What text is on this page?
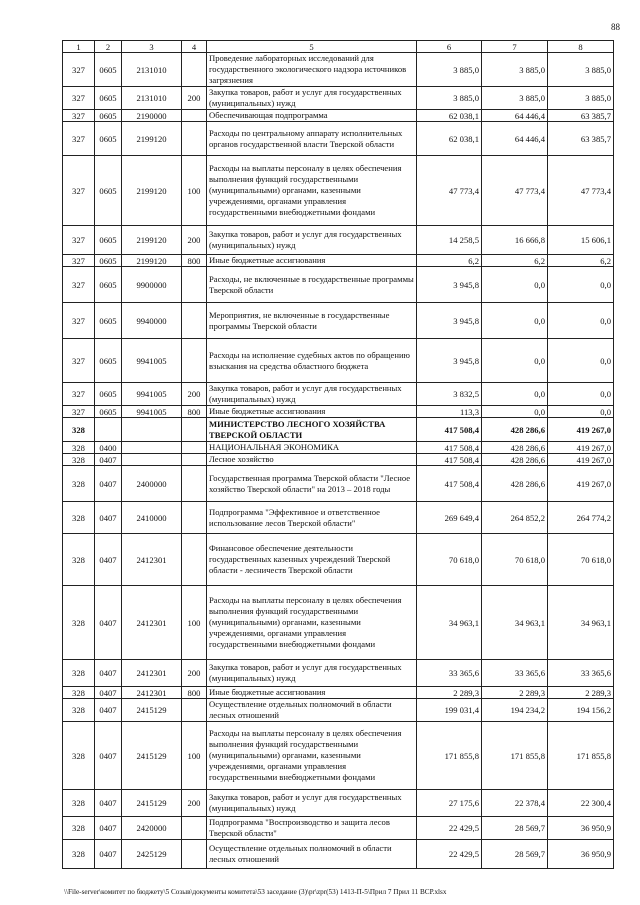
88
1	2	3	4	5	6	7	8
327	0605	2131010		Проведение лабораторных исследований для государственного экологического надзора источников загрязнения	3 885,0	3 885,0	3 885,0
327	0605	2131010	200	Закупка товаров, работ и услуг для государственных (муниципальных) нужд	3 885,0	3 885,0	3 885,0
327	0605	2190000		Обеспечивающая подпрограмма	62 038,1	64 446,4	63 385,7
327	0605	2199120		Расходы по центральному аппарату исполнительных органов государственной власти Тверской области	62 038,1	64 446,4	63 385,7
327	0605	2199120	100	Расходы на выплаты персоналу в целях обеспечения выполнения функций государственными (муниципальными) органами, казенными учреждениями, органами управления государственными внебюджетными фондами	47 773,4	47 773,4	47 773,4
327	0605	2199120	200	Закупка товаров, работ и услуг для государственных (муниципальных) нужд	14 258,5	16 666,8	15 606,1
327	0605	2199120	800	Иные бюджетные ассигнования	6,2	6,2	6,2
327	0605	9900000		Расходы, не включенные в государственные программы Тверской области	3 945,8	0,0	0,0
327	0605	9940000		Мероприятия, не включенные в государственные программы Тверской области	3 945,8	0,0	0,0
327	0605	9941005		Расходы на исполнение судебных актов по обращению взыскания на средства областного бюджета	3 945,8	0,0	0,0
327	0605	9941005	200	Закупка товаров, работ и услуг для государственных (муниципальных) нужд	3 832,5	0,0	0,0
327	0605	9941005	800	Иные бюджетные ассигнования	113,3	0,0	0,0
328				МИНИСТЕРСТВО ЛЕСНОГО ХОЗЯЙСТВА ТВЕРСКОЙ ОБЛАСТИ	417 508,4	428 286,6	419 267,0
328	0400			НАЦИОНАЛЬНАЯ ЭКОНОМИКА	417 508,4	428 286,6	419 267,0
328	0407			Лесное хозяйство	417 508,4	428 286,6	419 267,0
328	0407	2400000		Государственная программа Тверской области "Лесное хозяйство Тверской области" на 2013 – 2018 годы	417 508,4	428 286,6	419 267,0
328	0407	2410000		Подпрограмма "Эффективное и ответственное использование лесов Тверской области"	269 649,4	264 852,2	264 774,2
328	0407	2412301		Финансовое обеспечение деятельности государственных казенных учреждений Тверской области - лесничеств Тверской области	70 618,0	70 618,0	70 618,0
328	0407	2412301	100	Расходы на выплаты персоналу в целях обеспечения выполнения функций государственными (муниципальными) органами, казенными учреждениями, органами управления государственными внебюджетными фондами	34 963,1	34 963,1	34 963,1
328	0407	2412301	200	Закупка товаров, работ и услуг для государственных (муниципальных) нужд	33 365,6	33 365,6	33 365,6
328	0407	2412301	800	Иные бюджетные ассигнования	2 289,3	2 289,3	2 289,3
328	0407	2415129		Осуществление отдельных полномочий в области лесных отношений	199 031,4	194 234,2	194 156,2
328	0407	2415129	100	Расходы на выплаты персоналу в целях обеспечения выполнения функций государственными (муниципальными) органами, казенными учреждениями, органами управления государственными внебюджетными фондами	171 855,8	171 855,8	171 855,8
328	0407	2415129	200	Закупка товаров, работ и услуг для государственных (муниципальных) нужд	27 175,6	22 378,4	22 300,4
328	0407	2420000		Подпрограмма "Воспроизводство и защита лесов Тверской области"	22 429,5	28 569,7	36 950,9
328	0407	2425129		Осуществление отдельных полномочий в области лесных отношений	22 429,5	28 569,7	36 950,9
\\File-server\комитет по бюджету\5 Созыв\документы комитета\53 заседание (3)\pr\zpr(53) 1413-П-5\Прил 7 Прил 11 ВСР.xlsx
